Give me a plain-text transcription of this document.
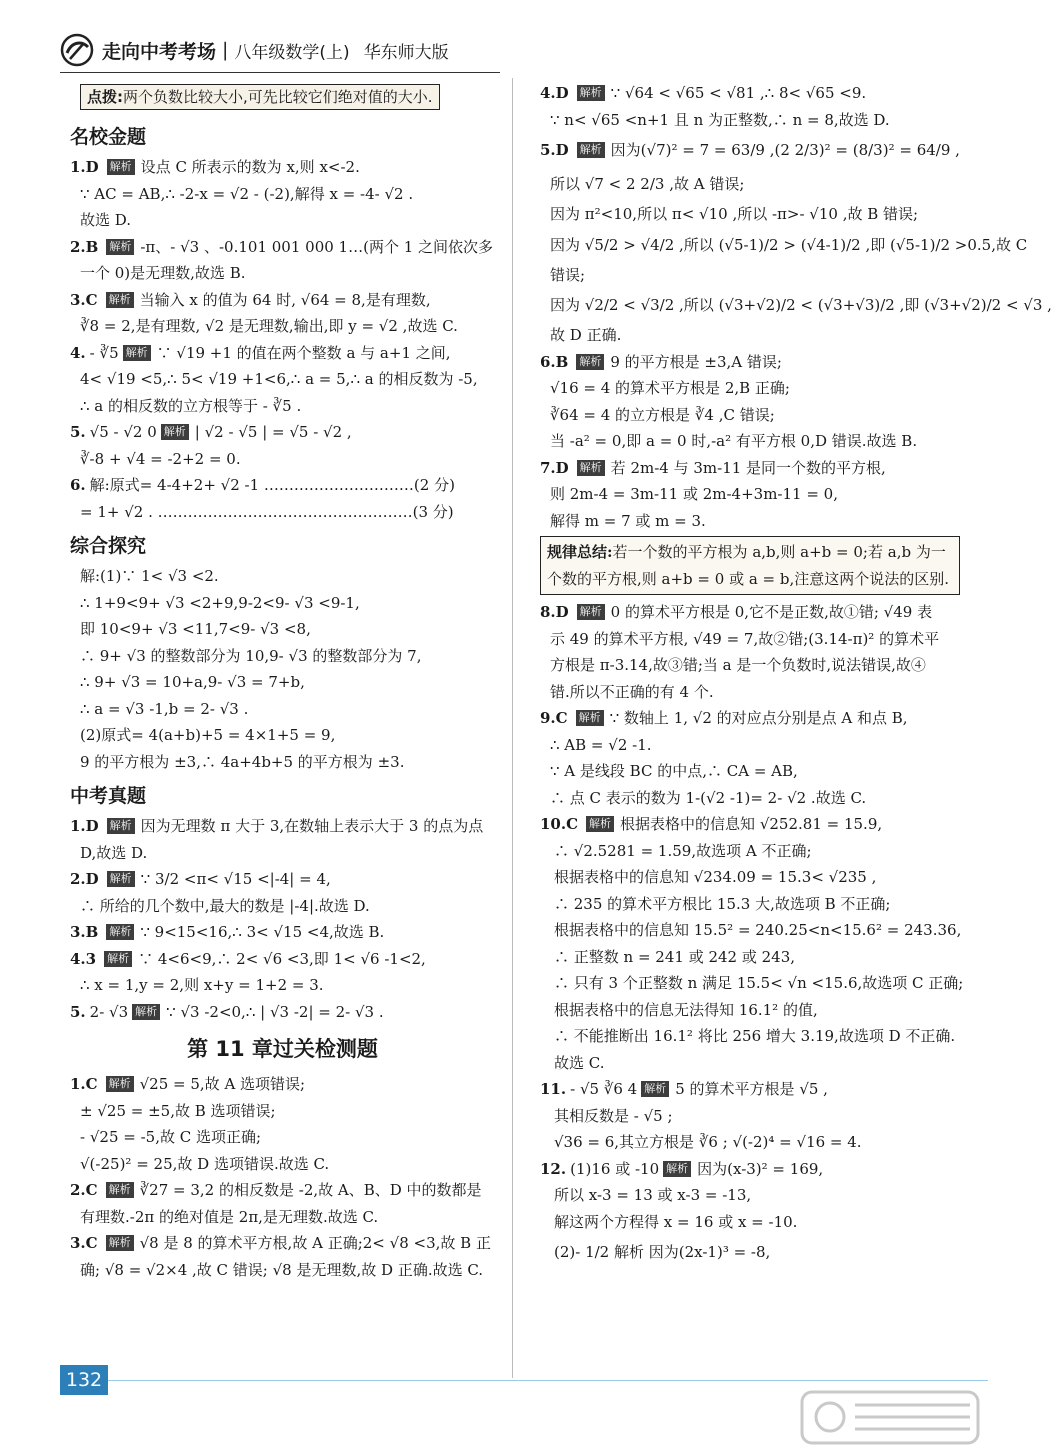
走向中考考场 | 八年级数学(上) 华东师大版
点拨:两个负数比较大小,可先比较它们绝对值的大小.
名校金题
1.D 解析 设点 C 所表示的数为 x,则 x<-2.
∵ AC = AB,∴ -2-x = √2 - (-2),解得 x = -4- √2 .
故选 D.
2.B 解析 -π、- √3 、-0.101 001 000 1…(两个 1 之间依次多
一个 0)是无理数,故选 B.
3.C 解析 当输入 x 的值为 64 时, √64 = 8,是有理数,
∛8 = 2,是有理数, √2 是无理数,输出,即 y = √2 ,故选 C.
4. - ∛5 解析 ∵ √19 +1 的值在两个整数 a 与 a+1 之间,
4< √19 <5,∴ 5< √19 +1<6,∴ a = 5,∴ a 的相反数为 -5,
∴ a 的相反数的立方根等于 - ∛5 .
5. √5 - √2 0 解析 | √2 - √5 | = √5 - √2 ,
∛-8 + √4 = -2+2 = 0.
6. 解:原式= 4-4+2+ √2 -1 …………………………(2 分)
= 1+ √2 . ……………………………………………(3 分)
综合探究
解:(1)∵ 1< √3 <2.
∴ 1+9<9+ √3 <2+9,9-2<9- √3 <9-1,
即 10<9+ √3 <11,7<9- √3 <8,
∴ 9+ √3 的整数部分为 10,9- √3 的整数部分为 7,
∴ 9+ √3 = 10+a,9- √3 = 7+b,
∴ a = √3 -1,b = 2- √3 .
(2)原式= 4(a+b)+5 = 4×1+5 = 9,
9 的平方根为 ±3,∴ 4a+4b+5 的平方根为 ±3.
中考真题
1.D 解析 因为无理数 π 大于 3,在数轴上表示大于 3 的点为点
D,故选 D.
2.D 解析 ∵ 3/2 <π< √15 <|-4| = 4,
∴ 所给的几个数中,最大的数是 |-4|.故选 D.
3.B 解析 ∵ 9<15<16,∴ 3< √15 <4,故选 B.
4.3 解析 ∵ 4<6<9,∴ 2< √6 <3,即 1< √6 -1<2,
∴ x = 1,y = 2,则 x+y = 1+2 = 3.
5. 2- √3 解析 ∵ √3 -2<0,∴ | √3 -2| = 2- √3 .
第 11 章过关检测题
1.C 解析 √25 = 5,故 A 选项错误;
± √25 = ±5,故 B 选项错误;
- √25 = -5,故 C 选项正确;
√(-25)² = 25,故 D 选项错误.故选 C.
2.C 解析 ∛27 = 3,2 的相反数是 -2,故 A、B、D 中的数都是
有理数.-2π 的绝对值是 2π,是无理数.故选 C.
3.C 解析 √8 是 8 的算术平方根,故 A 正确;2< √8 <3,故 B 正
确; √8 = √2×4 ,故 C 错误; √8 是无理数,故 D 正确.故选 C.
4.D 解析 ∵ √64 < √65 < √81 ,∴ 8< √65 <9.
∵ n< √65 <n+1 且 n 为正整数,∴ n = 8,故选 D.
5.D 解析 因为(√7)² = 7 = 63/9 ,(2 2/3)² = (8/3)² = 64/9 ,
所以 √7 < 2 2/3 ,故 A 错误;
因为 π²<10,所以 π< √10 ,所以 -π>- √10 ,故 B 错误;
因为 √5/2 > √4/2 ,所以 (√5-1)/2 > (√4-1)/2 ,即 (√5-1)/2 >0.5,故 C
错误;
因为 √2/2 < √3/2 ,所以 (√3+√2)/2 < (√3+√3)/2 ,即 (√3+√2)/2 < √3 ,
故 D 正确.
6.B 解析 9 的平方根是 ±3,A 错误;
√16 = 4 的算术平方根是 2,B 正确;
∛64 = 4 的立方根是 ∛4 ,C 错误;
当 -a² = 0,即 a = 0 时,-a² 有平方根 0,D 错误.故选 B.
7.D 解析 若 2m-4 与 3m-11 是同一个数的平方根,
则 2m-4 = 3m-11 或 2m-4+3m-11 = 0,
解得 m = 7 或 m = 3.
规律总结:若一个数的平方根为 a,b,则 a+b = 0;若 a,b 为一个数的平方根,则 a+b = 0 或 a = b,注意这两个说法的区别.
8.D 解析 0 的算术平方根是 0,它不是正数,故①错; √49 表
示 49 的算术平方根, √49 = 7,故②错;(3.14-π)² 的算术平
方根是 π-3.14,故③错;当 a 是一个负数时,说法错误,故④
错.所以不正确的有 4 个.
9.C 解析 ∵ 数轴上 1, √2 的对应点分别是点 A 和点 B,
∴ AB = √2 -1.
∵ A 是线段 BC 的中点,∴ CA = AB,
∴ 点 C 表示的数为 1-(√2 -1)= 2- √2 .故选 C.
10.C 解析 根据表格中的信息知 √252.81 = 15.9,
∴ √2.5281 = 1.59,故选项 A 不正确;
根据表格中的信息知 √234.09 = 15.3< √235 ,
∴ 235 的算术平方根比 15.3 大,故选项 B 不正确;
根据表格中的信息知 15.5² = 240.25<n<15.6² = 243.36,
∴ 正整数 n = 241 或 242 或 243,
∴ 只有 3 个正整数 n 满足 15.5< √n <15.6,故选项 C 正确;
根据表格中的信息无法得知 16.1² 的值,
∴ 不能推断出 16.1² 将比 256 增大 3.19,故选项 D 不正确.
故选 C.
11. - √5 ∛6 4 解析 5 的算术平方根是 √5 ,
其相反数是 - √5 ;
√36 = 6,其立方根是 ∛6 ; √(-2)⁴ = √16 = 4.
12. (1)16 或 -10 解析 因为(x-3)² = 169,
所以 x-3 = 13 或 x-3 = -13,
解这两个方程得 x = 16 或 x = -10.
(2)- 1/2 解析 因为(2x-1)³ = -8,
132
